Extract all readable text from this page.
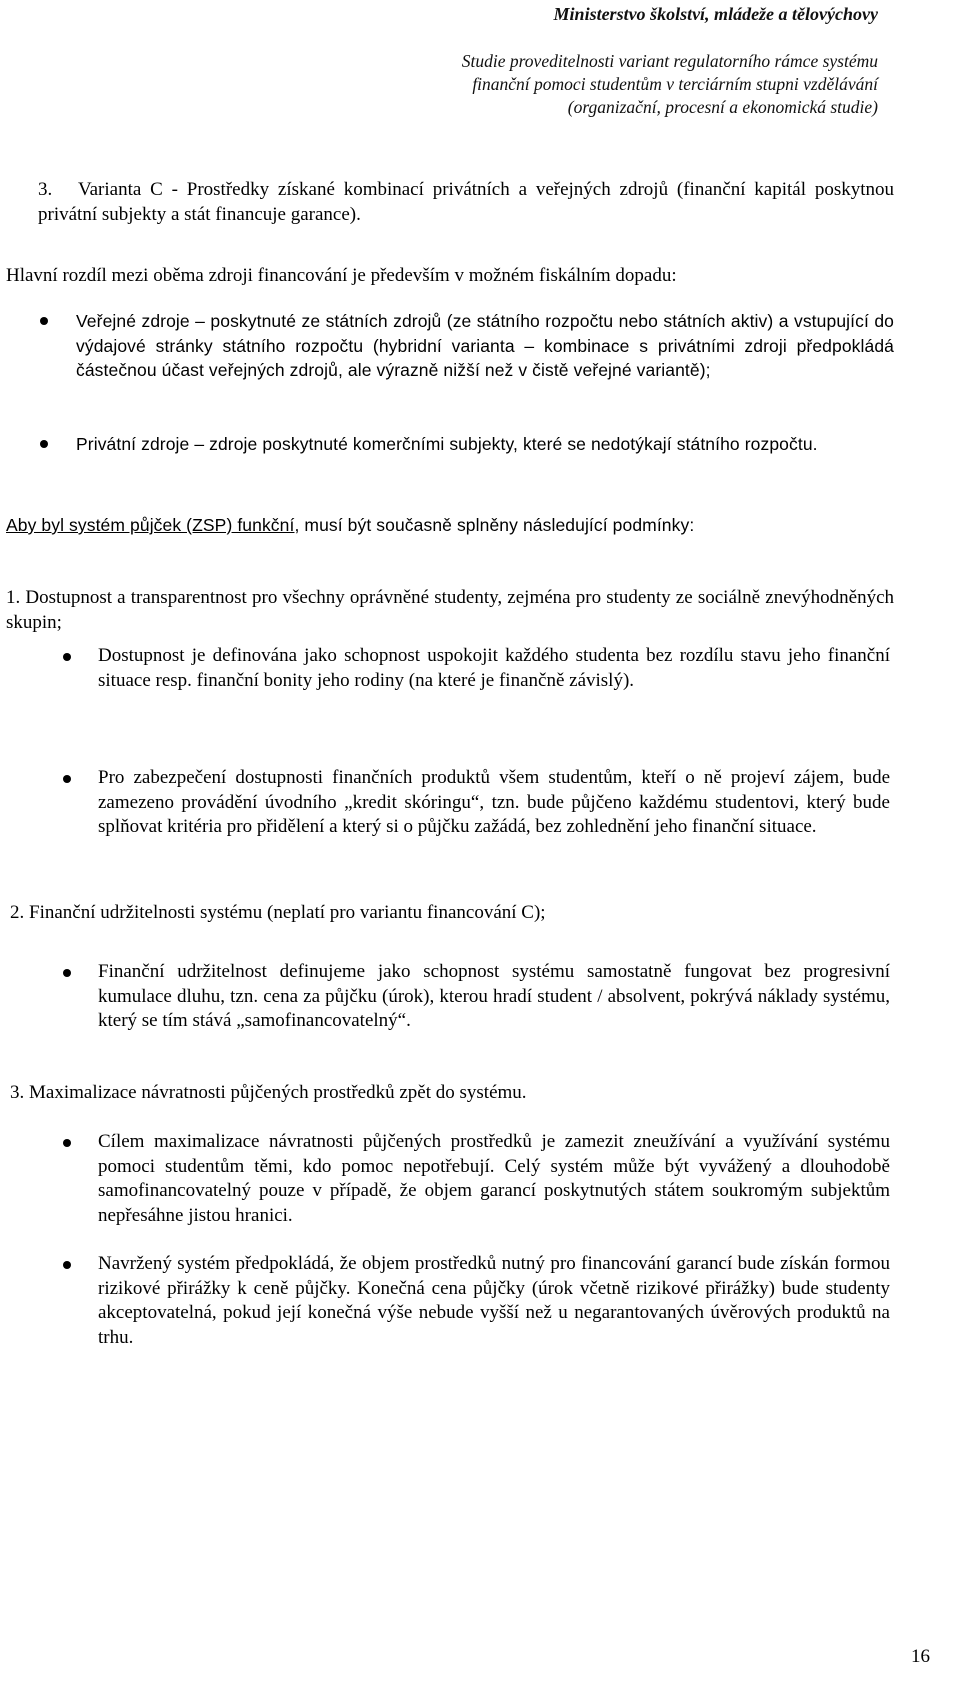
Ministerstvo školství, mládeže a tělovýchovy
Studie proveditelnosti variant regulatorního rámce systému
finanční pomoci studentům v terciárním stupni vzdělávání
(organizační, procesní a ekonomická studie)
3.	Varianta C - Prostředky získané kombinací privátních a veřejných zdrojů (finanční kapitál poskytnou privátní subjekty a stát financuje garance).
Hlavní rozdíl mezi oběma zdroji financování je především v možném fiskálním dopadu:
Veřejné zdroje – poskytnuté ze státních zdrojů (ze státního rozpočtu nebo státních aktiv) a vstupující do výdajové stránky státního rozpočtu (hybridní varianta – kombinace s privátními zdroji předpokládá částečnou účast veřejných zdrojů, ale výrazně nižší než v čistě veřejné variantě);
Privátní zdroje – zdroje poskytnuté komerčními subjekty, které se nedotýkají státního rozpočtu.
Aby byl systém půjček (ZSP) funkční, musí být současně splněny následující podmínky:
1. Dostupnost a transparentnost pro všechny oprávněné studenty, zejména pro studenty ze sociálně znevýhodněných skupin;
Dostupnost je definována jako schopnost uspokojit každého studenta bez rozdílu stavu jeho finanční situace resp. finanční bonity jeho rodiny (na které je finančně závislý).
Pro zabezpečení dostupnosti finančních produktů všem studentům, kteří o ně projeví zájem, bude zamezeno provádění úvodního „kredit skóringu“, tzn. bude půjčeno každému studentovi, který bude splňovat kritéria pro přidělení a který si o půjčku zažádá, bez zohlednění jeho finanční situace.
2. Finanční udržitelnosti systému (neplatí pro variantu financování C);
Finanční udržitelnost definujeme jako schopnost systému samostatně fungovat bez progresivní kumulace dluhu, tzn. cena za půjčku (úrok), kterou hradí student / absolvent, pokrývá náklady systému, který se tím stává „samofinancovatelný“.
3. Maximalizace návratnosti půjčených prostředků zpět do systému.
Cílem maximalizace návratnosti půjčených prostředků je zamezit zneužívání a využívání systému pomoci studentům těmi, kdo pomoc nepotřebují. Celý systém může být vyvážený a dlouhodobě samofinancovatelný pouze v případě, že objem garancí poskytnutých státem soukromým subjektům nepřesáhne jistou hranici.
Navržený systém předpokládá, že objem prostředků nutný pro financování garancí bude získán formou rizikové přirážky k ceně půjčky. Konečná cena půjčky (úrok včetně rizikové přirážky) bude studenty akceptovatelná, pokud její konečná výše nebude vyšší než u negarantovaných úvěrových produktů na trhu.
16
